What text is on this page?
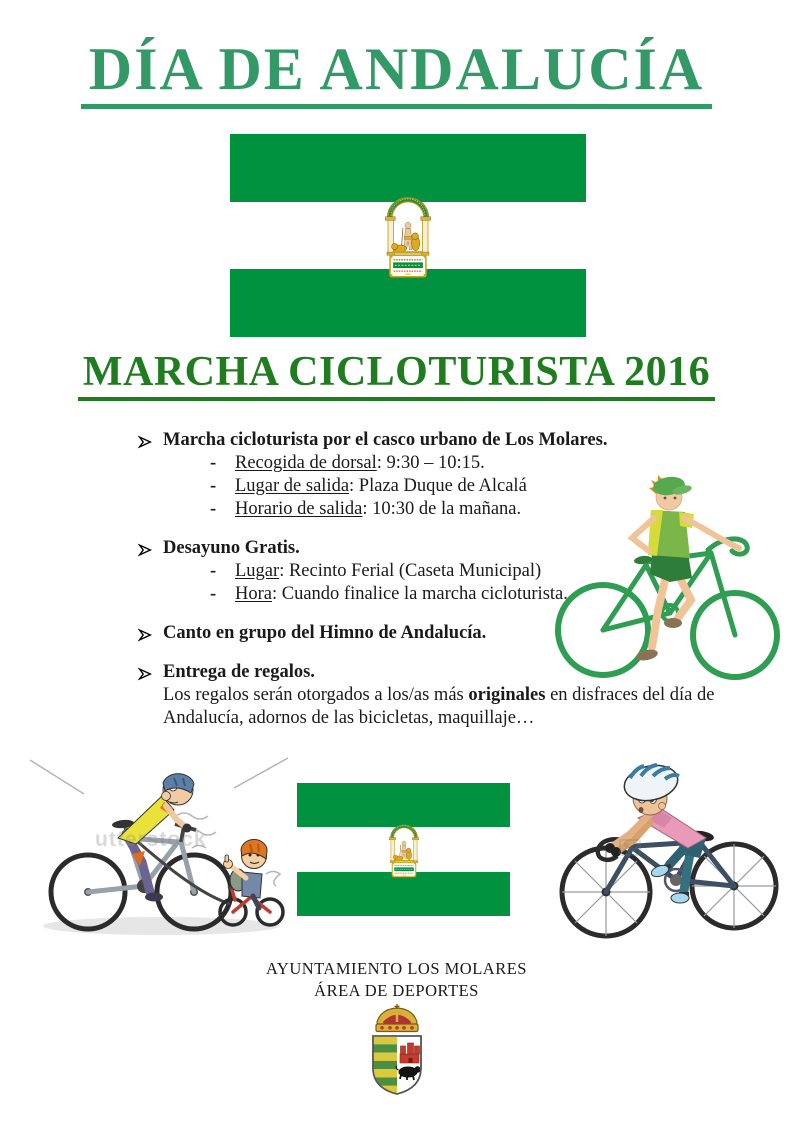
DÍA DE ANDALUCÍA
MARCHA CICLOTURISTA 2016
Marcha cicloturista por el casco urbano de Los Molares.
- Recogida de dorsal: 9:30 – 10:15.
- Lugar de salida: Plaza Duque de Alcalá
- Horario de salida: 10:30 de la mañana.
Desayuno Gratis.
- Lugar: Recinto Ferial (Caseta Municipal)
- Hora: Cuando finalice la marcha cicloturista.
Canto en grupo del Himno de Andalucía.
Entrega de regalos.
Los regalos serán otorgados a los/as más originales en disfraces del día de Andalucía, adornos de las bicicletas, maquillaje…
utterstock
AYUNTAMIENTO LOS MOLARES
ÁREA DE DEPORTES
